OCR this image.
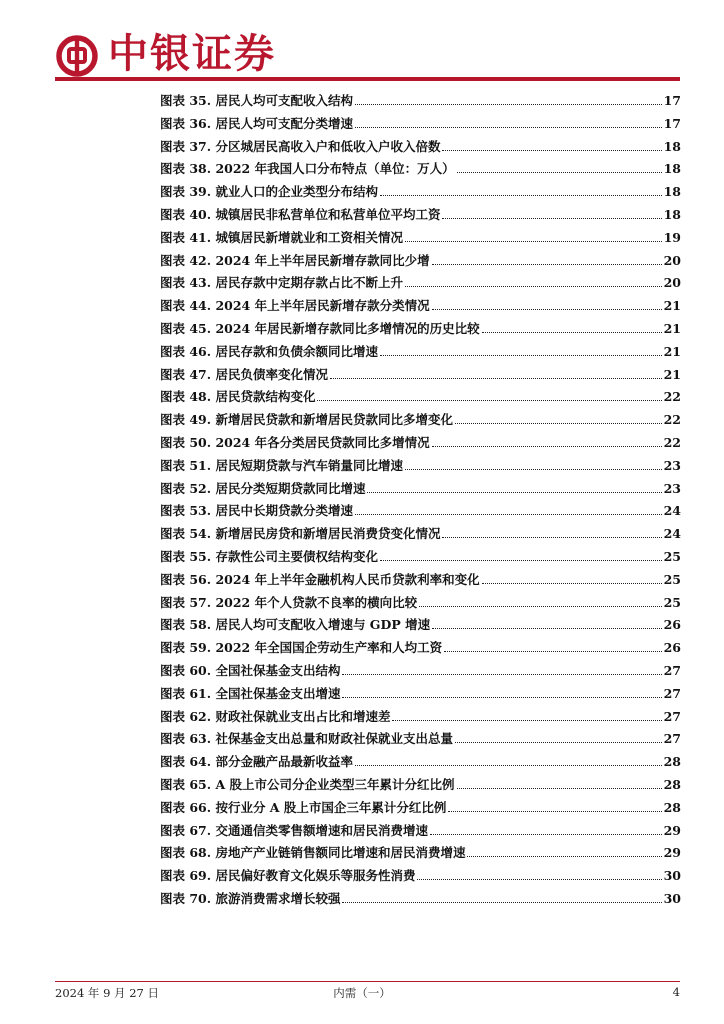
中银证券
图表 35. 居民人均可支配收入结构	17
图表 36. 居民人均可支配分类增速	17
图表 37. 分区城居民高收入户和低收入户收入倍数	18
图表 38. 2022 年我国人口分布特点（单位：万人）	18
图表 39. 就业人口的企业类型分布结构	18
图表 40. 城镇居民非私营单位和私营单位平均工资	18
图表 41. 城镇居民新增就业和工资相关情况	19
图表 42. 2024 年上半年居民新增存款同比少增	20
图表 43. 居民存款中定期存款占比不断上升	20
图表 44. 2024 年上半年居民新增存款分类情况	21
图表 45. 2024 年居民新增存款同比多增情况的历史比较	21
图表 46. 居民存款和负债余额同比增速	21
图表 47. 居民负债率变化情况	21
图表 48. 居民贷款结构变化	22
图表 49. 新增居民贷款和新增居民贷款同比多增变化	22
图表 50. 2024 年各分类居民贷款同比多增情况	22
图表 51. 居民短期贷款与汽车销量同比增速	23
图表 52. 居民分类短期贷款同比增速	23
图表 53. 居民中长期贷款分类增速	24
图表 54. 新增居民房贷和新增居民消费贷变化情况	24
图表 55. 存款性公司主要债权结构变化	25
图表 56. 2024 年上半年金融机构人民币贷款利率和变化	25
图表 57. 2022 年个人贷款不良率的横向比较	25
图表 58. 居民人均可支配收入增速与 GDP 增速	26
图表 59. 2022 年全国国企劳动生产率和人均工资	26
图表 60. 全国社保基金支出结构	27
图表 61. 全国社保基金支出增速	27
图表 62. 财政社保就业支出占比和增速差	27
图表 63. 社保基金支出总量和财政社保就业支出总量	27
图表 64. 部分金融产品最新收益率	28
图表 65. A 股上市公司分企业类型三年累计分红比例	28
图表 66. 按行业分 A 股上市国企三年累计分红比例	28
图表 67. 交通通信类零售额增速和居民消费增速	29
图表 68. 房地产产业链销售额同比增速和居民消费增速	29
图表 69. 居民偏好教育文化娱乐等服务性消费	30
图表 70. 旅游消费需求增长较强	30
2024 年 9 月 27 日	内需（一）	4
